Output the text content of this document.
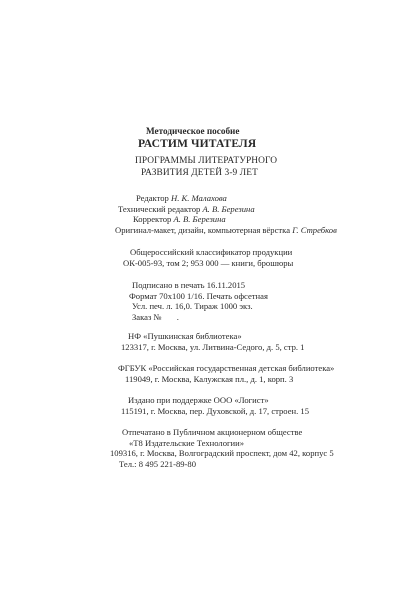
Методическое пособие
РАСТИМ ЧИТАТЕЛЯ
ПРОГРАММЫ ЛИТЕРАТУРНОГО
РАЗВИТИЯ ДЕТЕЙ 3-9 ЛЕТ
Редактор Н. К. Малахова
Технический редактор А. В. Березина
Корректор А. В. Березина
Оригинал-макет, дизайн, компьютерная вёрстка Г. Стребков
Общероссийский классификатор продукции
ОК-005-93, том 2; 953 000 — книги, брошюры
Подписано в печать 16.11.2015
Формат 70x100 1/16. Печать офсетная
Усл. печ. л. 16,0. Тираж 1000 экз.
Заказ №       .
НФ «Пушкинская библиотека»
123317, г. Москва, ул. Литвина-Седого, д. 5, стр. 1
ФГБУК «Российская государственная детская библиотека»
119049, г. Москва, Калужская пл., д. 1, корп. 3
Издано при поддержке ООО «Логист»
115191, г. Москва, пер. Духовской, д. 17, строен. 15
Отпечатано в Публичном акционерном обществе
«Т8 Издательские Технологии»
109316, г. Москва, Волгоградский проспект, дом 42, корпус 5
Тел.: 8 495 221-89-80
